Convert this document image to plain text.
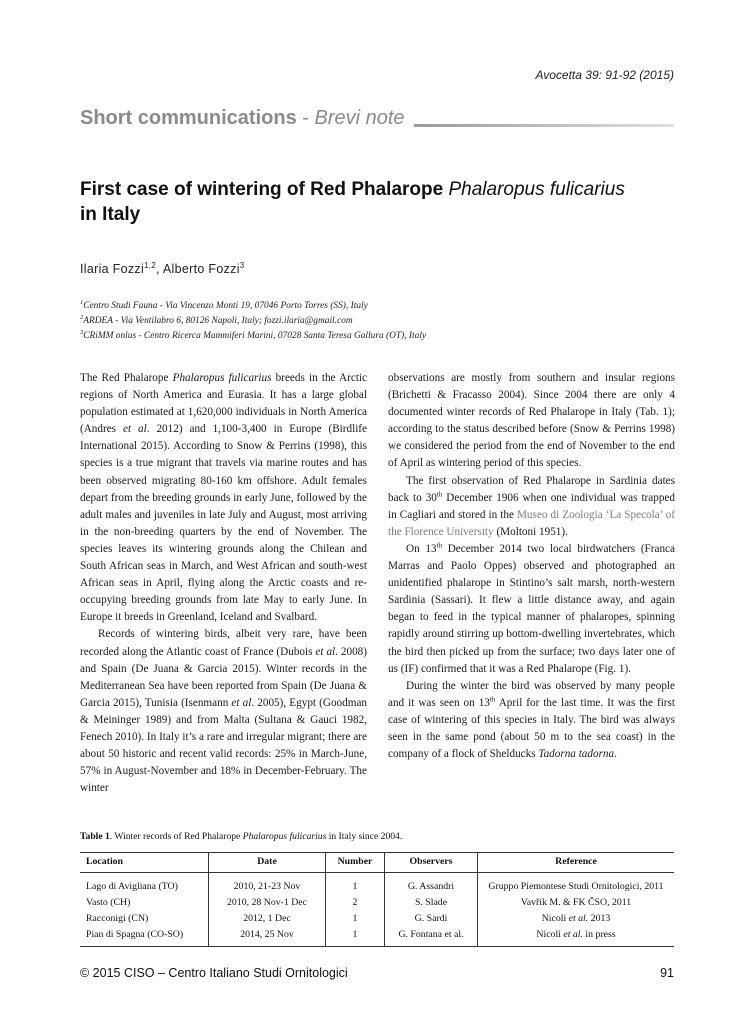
Avocetta 39: 91-92 (2015)
Short communications - Brevi note
First case of wintering of Red Phalarope Phalaropus fulicarius
in Italy
Ilaria Fozzi$^{1,2}$, Alberto Fozzi$^3$
$^1$Centro Studi Fauna - Via Vincenzo Monti 19, 07046 Porto Torres (SS), Italy
$^2$ARDEA - Via Ventilabro 6, 80126 Napoli, Italy; fozzi.ilaria@gmail.com
$^3$CRiMM onlus - Centro Ricerca Mammiferi Marini, 07028 Santa Teresa Gallura (OT), Italy

The Red Phalarope Phalaropus fulicarius breeds in the Arctic regions of North America and Eurasia. It has a large global population estimated at 1,620,000 individuals in North America (Andres et al. 2012) and 1,100-3,400 in Europe (Birdlife International 2015). According to Snow & Perrins (1998), this species is a true migrant that travels via marine routes and has been observed migrating 80-160 km offshore. Adult females depart from the breeding grounds in early June, followed by the adult males and juveniles in late July and August, most arriving in the non-breeding quarters by the end of November. The species leaves its wintering grounds along the Chilean and South African seas in March, and West African and south-west African seas in April, flying along the Arctic coasts and re-occupying breeding grounds from late May to early June. In Europe it breeds in Greenland, Iceland and Svalbard.

Records of wintering birds, albeit very rare, have been recorded along the Atlantic coast of France (Dubois et al. 2008) and Spain (De Juana & Garcia 2015). Winter records in the Mediterranean Sea have been reported from Spain (De Juana & Garcia 2015), Tunisia (Isenmann et al. 2005), Egypt (Goodman & Meininger 1989) and from Malta (Sultana & Gauci 1982, Fenech 2010). In Italy it’s a rare and irregular migrant; there are about 50 historic and recent valid records: 25% in March-June, 57% in August-November and 18% in December-February. The winter

observations are mostly from southern and insular regions (Brichetti & Fracasso 2004). Since 2004 there are only 4 documented winter records of Red Phalarope in Italy (Tab. 1); according to the status described before (Snow & Perrins 1998) we considered the period from the end of November to the end of April as wintering period of this species.

The first observation of Red Phalarope in Sardinia dates back to 30th December 1906 when one individual was trapped in Cagliari and stored in the Museo di Zoologia ‘La Specola’ of the Florence University (Moltoni 1951).

On 13th December 2014 two local birdwatchers (Franca Marras and Paolo Oppes) observed and photographed an unidentified phalarope in Stintino’s salt marsh, north-western Sardinia (Sassari). It flew a little distance away, and again began to feed in the typical manner of phalaropes, spinning rapidly around stirring up bottom-dwelling invertebrates, which the bird then picked up from the surface; two days later one of us (IF) confirmed that it was a Red Phalarope (Fig. 1).

During the winter the bird was observed by many people and it was seen on 13th April for the last time. It was the first case of wintering of this species in Italy. The bird was always seen in the same pond (about 50 m to the sea coast) in the company of a flock of Shelducks Tadorna tadorna.

Table 1. Winter records of Red Phalarope Phalaropus fulicarius in Italy since 2004.
Location	Date	Number	Observers	Reference
Lago di Avigliana (TO)	2010, 21-23 Nov	1	G. Assandri	Gruppo Piemontese Studi Ornitologici, 2011
Vasto (CH)	2010, 28 Nov-1 Dec	2	S. Slade	Vavřík M. & FK ČSO, 2011
Racconigi (CN)	2012, 1 Dec	1	G. Sardi	Nicoli et al. 2013
Pian di Spagna (CO-SO)	2014, 25 Nov	1	G. Fontana et al.	Nicoli et al. in press
© 2015 CISO – Centro Italiano Studi Ornitologici	91
